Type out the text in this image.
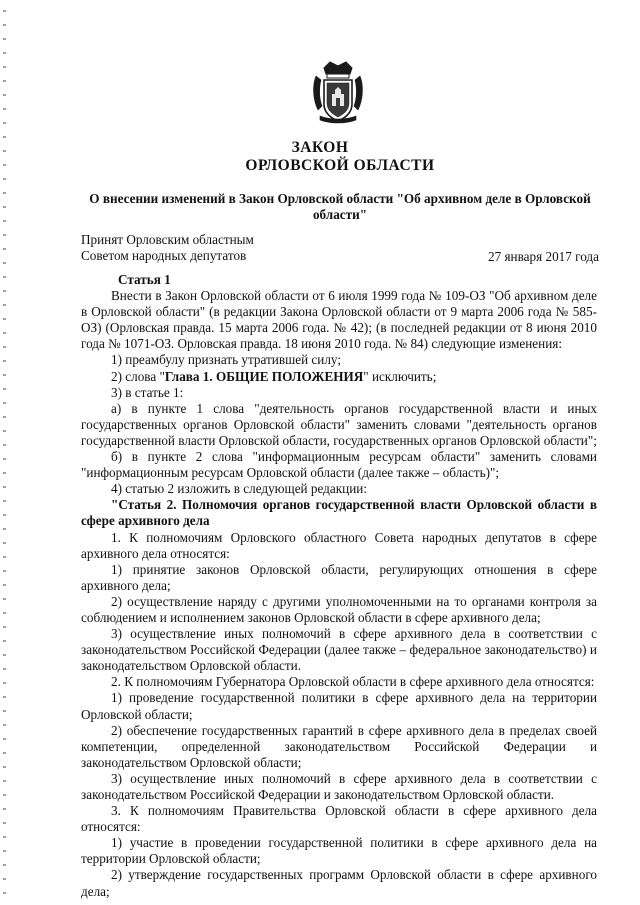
ЗАКОН
ОРЛОВСКОЙ ОБЛАСТИ
О внесении изменений в Закон Орловской области "Об архивном деле в Орловской области"
Принят Орловским областным
Советом народных депутатов	27 января 2017 года

Статья 1

Внести в Закон Орловской области от 6 июля 1999 года № 109-ОЗ "Об архивном деле в Орловской области" (в редакции Закона Орловской области от 9 марта 2006 года № 585-ОЗ) (Орловская правда. 15 марта 2006 года. № 42); (в последней редакции от 8 июня 2010 года № 1071-ОЗ. Орловская правда. 18 июня 2010 года. № 84) следующие изменения:

1) преамбулу признать утратившей силу;

2) слова "Глава 1. ОБЩИЕ ПОЛОЖЕНИЯ" исключить;

3) в статье 1:

а) в пункте 1 слова "деятельность органов государственной власти и иных государственных органов Орловской области" заменить словами "деятельность органов государственной власти Орловской области, государственных органов Орловской области";

б) в пункте 2 слова "информационным ресурсам области" заменить словами "информационным ресурсам Орловской области (далее также – область)";

4) статью 2 изложить в следующей редакции:

"Статья 2. Полномочия органов государственной власти Орловской области в сфере архивного дела

1. К полномочиям Орловского областного Совета народных депутатов в сфере архивного дела относятся:

1) принятие законов Орловской области, регулирующих отношения в сфере архивного дела;

2) осуществление наряду с другими уполномоченными на то органами контроля за соблюдением и исполнением законов Орловской области в сфере архивного дела;

3) осуществление иных полномочий в сфере архивного дела в соответствии с законодательством Российской Федерации (далее также – федеральное законодательство) и законодательством Орловской области.

2. К полномочиям Губернатора Орловской области в сфере архивного дела относятся:

1) проведение государственной политики в сфере архивного дела на территории Орловской области;

2) обеспечение государственных гарантий в сфере архивного дела в пределах своей компетенции, определенной законодательством Российской Федерации и законодательством Орловской области;

3) осуществление иных полномочий в сфере архивного дела в соответствии с законодательством Российской Федерации и законодательством Орловской области.

3. К полномочиям Правительства Орловской области в сфере архивного дела относятся:

1) участие в проведении государственной политики в сфере архивного дела на территории Орловской области;

2) утверждение государственных программ Орловской области в сфере архивного дела;
